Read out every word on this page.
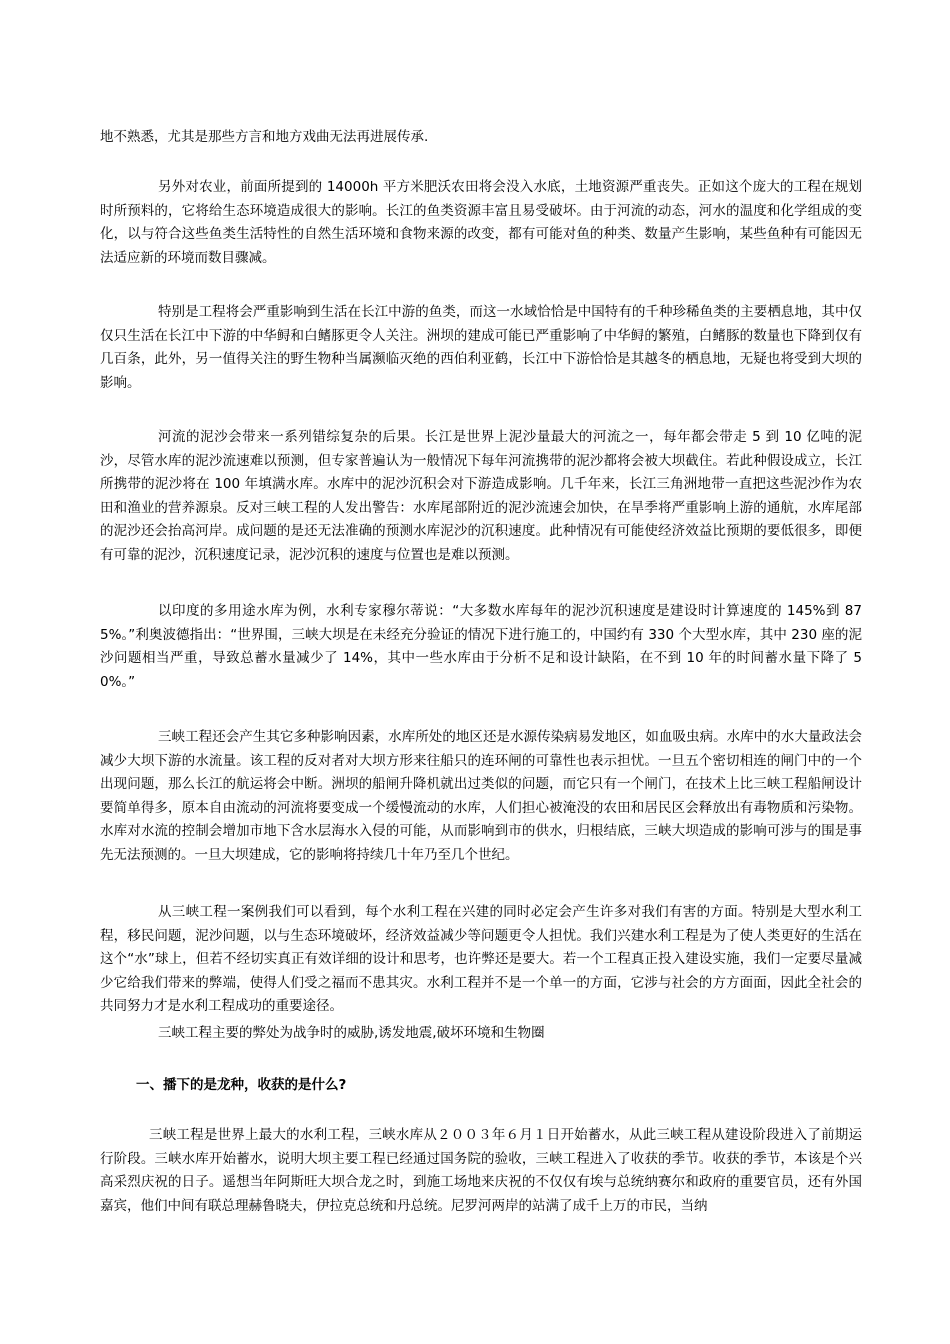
地不熟悉，尤其是那些方言和地方戏曲无法再进展传承.

另外对农业，前面所提到的 14000h 平方米肥沃农田将会没入水底，土地资源严重丧失。正如这个庞大的工程在规划时所预料的，它将给生态环境造成很大的影响。长江的鱼类资源丰富且易受破坏。由于河流的动态，河水的温度和化学组成的变化，以与符合这些鱼类生活特性的自然生活环境和食物来源的改变，都有可能对鱼的种类、数量产生影响，某些鱼种有可能因无法适应新的环境而数目骤减。

特别是工程将会严重影响到生活在长江中游的鱼类，而这一水域恰恰是中国特有的千种珍稀鱼类的主要栖息地，其中仅仅只生活在长江中下游的中华鲟和白鳍豚更令人关注。洲坝的建成可能已严重影响了中华鲟的繁殖，白鳍豚的数量也下降到仅有几百条，此外，另一值得关注的野生物种当属濒临灭绝的西伯利亚鹤，长江中下游恰恰是其越冬的栖息地，无疑也将受到大坝的影响。

河流的泥沙会带来一系列错综复杂的后果。长江是世界上泥沙量最大的河流之一，每年都会带走 5 到 10 亿吨的泥沙，尽管水库的泥沙流速难以预测，但专家普遍认为一般情况下每年河流携带的泥沙都将会被大坝截住。若此种假设成立，长江所携带的泥沙将在 100 年填满水库。水库中的泥沙沉积会对下游造成影响。几千年来，长江三角洲地带一直把这些泥沙作为农田和渔业的营养源泉。反对三峡工程的人发出警告：水库尾部附近的泥沙流速会加快，在旱季将严重影响上游的通航，水库尾部的泥沙还会抬高河岸。成问题的是还无法准确的预测水库泥沙的沉积速度。此种情况有可能使经济效益比预期的要低很多，即便有可靠的泥沙，沉积速度记录，泥沙沉积的速度与位置也是难以预测。

以印度的多用途水库为例，水利专家穆尔蒂说：“大多数水库每年的泥沙沉积速度是建设时计算速度的 145%到 875%。”利奥波德指出：“世界围，三峡大坝是在未经充分验证的情况下进行施工的，中国约有 330 个大型水库，其中 230 座的泥沙问题相当严重，导致总蓄水量减少了 14%，其中一些水库由于分析不足和设计缺陷，在不到 10 年的时间蓄水量下降了 50%。”

三峡工程还会产生其它多种影响因素，水库所处的地区还是水源传染病易发地区，如血吸虫病。水库中的水大量政法会减少大坝下游的水流量。该工程的反对者对大坝方形来往船只的连环闸的可靠性也表示担忧。一旦五个密切相连的闸门中的一个出现问题，那么长江的航运将会中断。洲坝的船闸升降机就出过类似的问题，而它只有一个闸门，在技术上比三峡工程船闸设计要简单得多，原本自由流动的河流将要变成一个缓慢流动的水库，人们担心被淹没的农田和居民区会释放出有毒物质和污染物。水库对水流的控制会增加市地下含水层海水入侵的可能，从而影响到市的供水，归根结底，三峡大坝造成的影响可涉与的围是事先无法预测的。一旦大坝建成，它的影响将持续几十年乃至几个世纪。

从三峡工程一案例我们可以看到，每个水利工程在兴建的同时必定会产生许多对我们有害的方面。特别是大型水利工程，移民问题，泥沙问题，以与生态环境破坏，经济效益减少等问题更令人担忧。我们兴建水利工程是为了使人类更好的生活在这个“水”球上，但若不经切实真正有效详细的设计和思考，也许弊还是要大。若一个工程真正投入建设实施，我们一定要尽量减少它给我们带来的弊端，使得人们受之福而不患其灾。水利工程并不是一个单一的方面，它涉与社会的方方面面，因此全社会的共同努力才是水利工程成功的重要途径。

三峡工程主要的弊处为战争时的威胁,诱发地震,破坏环境和生物圈

一、播下的是龙种，收获的是什么?

三峡工程是世界上最大的水利工程，三峡水库从２００３年６月１日开始蓄水，从此三峡工程从建设阶段进入了前期运行阶段。三峡水库开始蓄水，说明大坝主要工程已经通过国务院的验收，三峡工程进入了收获的季节。收获的季节，本该是个兴高采烈庆祝的日子。遥想当年阿斯旺大坝合龙之时，到施工场地来庆祝的不仅仅有埃与总统纳赛尔和政府的重要官员，还有外国嘉宾，他们中间有联总理赫鲁晓夫，伊拉克总统和丹总统。尼罗河两岸的站满了成千上万的市民，当纳
